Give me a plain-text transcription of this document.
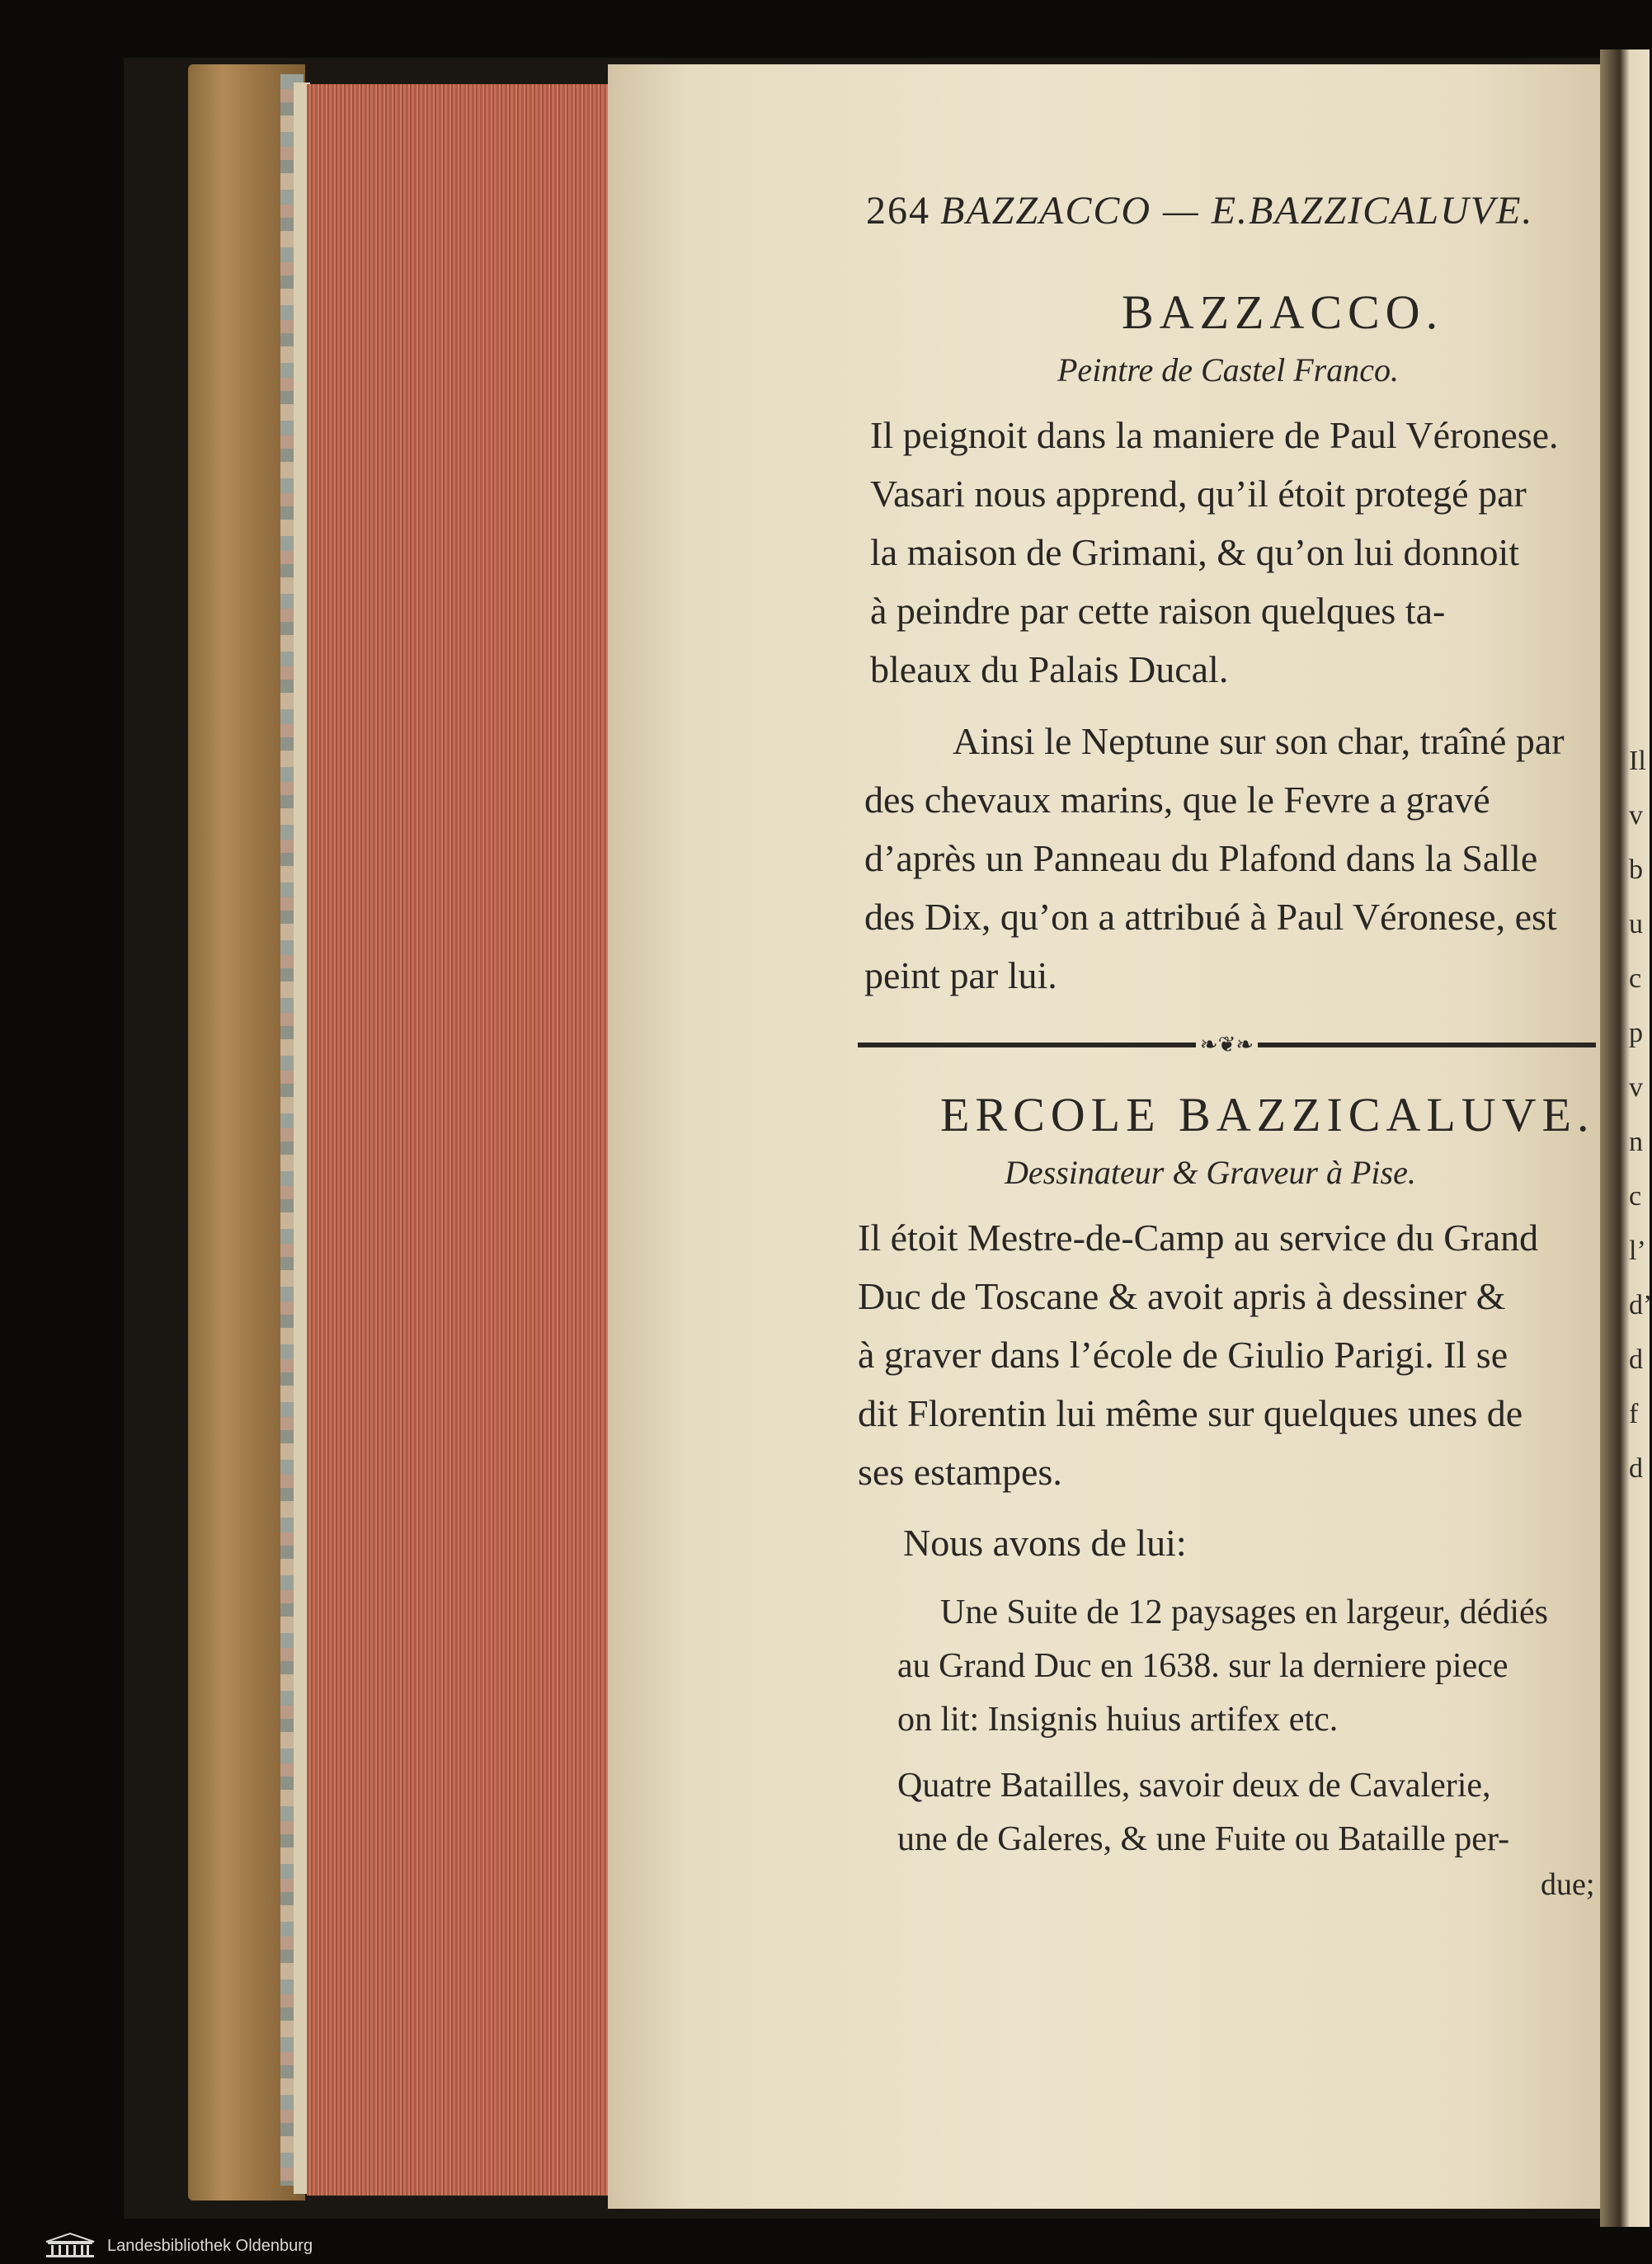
Il
v
b
u
c
p
v
n
c
l’
d’
d
f
d
264 BAZZACCO — E.BAZZICALUVE.
BAZZACCO.
Peintre de Castel Franco.
Il peignoit dans la maniere de Paul Véronese.
Vasari nous apprend, qu’il étoit protegé par
la maison de Grimani, & qu’on lui donnoit
à peindre par cette raison quelques ta-
bleaux du Palais Ducal.
Ainsi le Neptune sur son char, traîné par
des chevaux marins, que le Fevre a gravé
d’après un Panneau du Plafond dans la Salle
des Dix, qu’on a attribué à Paul Véronese, est
peint par lui.
❧❦❧
ERCOLE BAZZICALUVE.
Dessinateur & Graveur à Pise.
Il étoit Mestre-de-Camp au service du Grand
Duc de Toscane & avoit apris à dessiner &
à graver dans l’école de Giulio Parigi. Il se
dit Florentin lui même sur quelques unes de
ses estampes.
Nous avons de lui:
Une Suite de 12 paysages en largeur, dédiés
au Grand Duc en 1638. sur la derniere piece
on lit: Insignis huius artifex etc.
Quatre Batailles, savoir deux de Cavalerie,
une de Galeres, & une Fuite ou Bataille per-
due;
Landesbibliothek Oldenburg
